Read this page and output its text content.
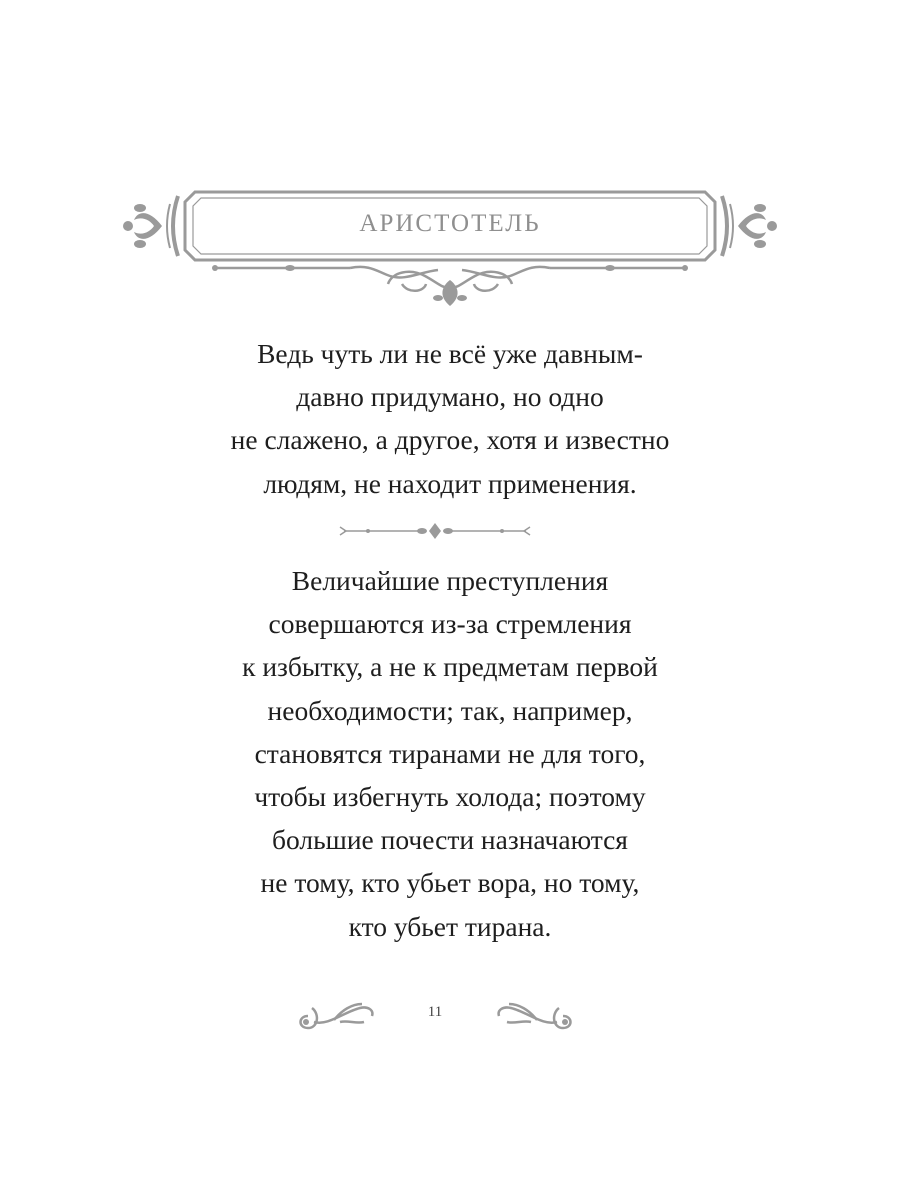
АРИСТОТЕЛЬ
Ведь чуть ли не всё уже давным-
давно придумано, но одно
не слажено, а другое, хотя и известно
людям, не находит применения.
Величайшие преступления
совершаются из-за стремления
к избытку, а не к предметам первой
необходимости; так, например,
становятся тиранами не для того,
чтобы избегнуть холода; поэтому
большие почести назначаются
не тому, кто убьет вора, но тому,
кто убьет тирана.
11
